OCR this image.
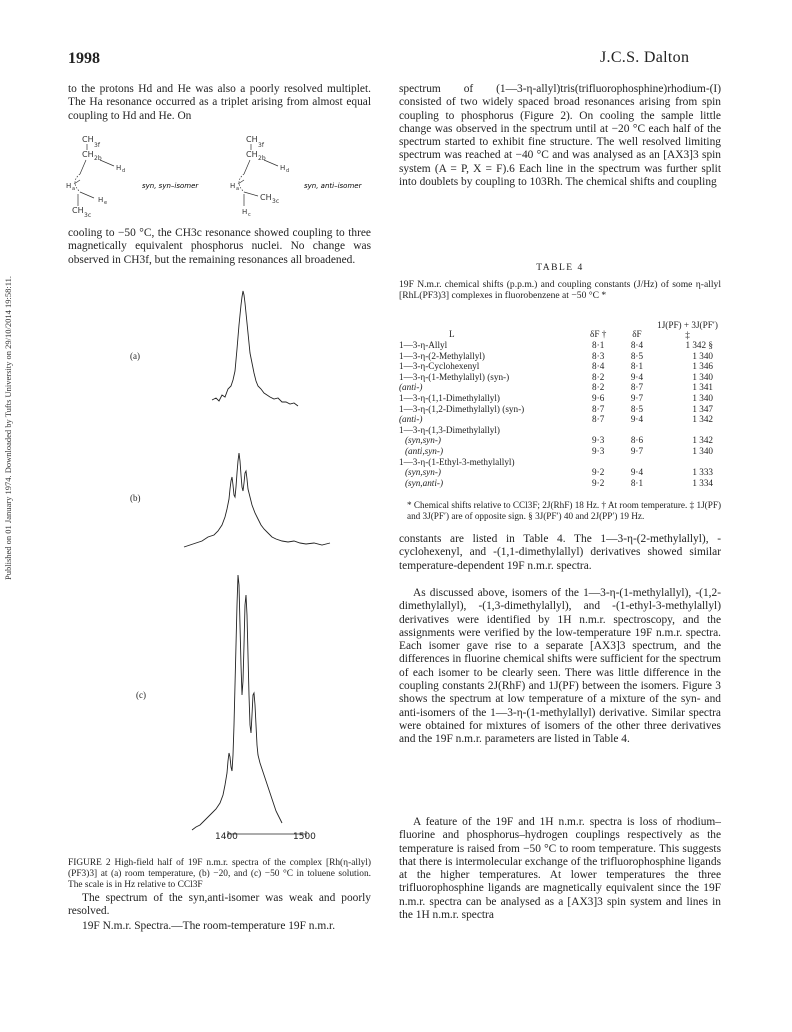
1998	J.C.S. Dalton
Published on 01 January 1974. Downloaded by Tufts University on 29/10/2014 19:58:11.

to the protons Hd and He was also a poorly resolved multiplet. The Ha resonance occurred as a triplet arising from almost equal coupling to Hd and He. On

CH
3f
CH 2b
H d
H a
H e
CH
3c
syn, syn–isomer
CH
3f
CH 2b
H d
H a
CH 3c
H c
syn, anti–isomer

cooling to −50 °C, the CH3c resonance showed coupling to three magnetically equivalent phosphorus nuclei. No change was observed in CH3f, but the remaining resonances all broadened.

(a)
(b)
(c)
1400	1500

FIGURE 2 High-field half of 19F n.m.r. spectra of the complex [Rh(η-allyl)(PF3)3] at (a) room temperature, (b) −20, and (c) −50 °C in toluene solution. The scale is in Hz relative to CCl3F

The spectrum of the syn,anti-isomer was weak and poorly resolved.

19F N.m.r. Spectra.—The room-temperature 19F n.m.r.

spectrum of (1—3-η-allyl)tris(trifluorophosphine)rhodium-(I) consisted of two widely spaced broad resonances arising from spin coupling to phosphorus (Figure 2). On cooling the sample little change was observed in the spectrum until at −20 °C each half of the spectrum started to exhibit fine structure. The well resolved limiting spectrum was reached at −40 °C and was analysed as an [AX3]3 spin system (A = P, X = F).6 Each line in the spectrum was further split into doublets by coupling to 103Rh. The chemical shifts and coupling

TABLE 4
19F N.m.r. chemical shifts (p.p.m.) and coupling constants (J/Hz) of some η-allyl [RhL(PF3)3] complexes in fluorobenzene at −50 °C *
L	δF †	δF	1J(PF) + 3J(PF′) ‡
1—3-η-Allyl	8·1	8·4	1 342 §
1—3-η-(2-Methylallyl)	8·3	8·5	1 340
1—3-η-Cyclohexenyl	8·4	8·1	1 346
1—3-η-(1-Methylallyl) (syn-)	8·2	9·4	1 340
(anti-)	8·2	8·7	1 341
1—3-η-(1,1-Dimethylallyl)	9·6	9·7	1 340
1—3-η-(1,2-Dimethylallyl) (syn-)	8·7	8·5	1 347
(anti-)	8·7	9·4	1 342
1—3-η-(1,3-Dimethylallyl)			
(syn,syn-)	9·3	8·6	1 342
(anti,syn-)	9·3	9·7	1 340
1—3-η-(1-Ethyl-3-methylallyl)			
(syn,syn-)	9·2	9·4	1 333
(syn,anti-)	9·2	8·1	1 334

* Chemical shifts relative to CCl3F; 2J(RhF) 18 Hz. † At room temperature. ‡ 1J(PF) and 3J(PF′) are of opposite sign. § 3J(PF′) 40 and 2J(PP′) 19 Hz.

constants are listed in Table 4. The 1—3-η-(2-methylallyl), -cyclohexenyl, and -(1,1-dimethylallyl) derivatives showed similar temperature-dependent 19F n.m.r. spectra.

As discussed above, isomers of the 1—3-η-(1-methylallyl), -(1,2-dimethylallyl), -(1,3-dimethylallyl), and -(1-ethyl-3-methylallyl) derivatives were identified by 1H n.m.r. spectroscopy, and the assignments were verified by the low-temperature 19F n.m.r. spectra. Each isomer gave rise to a separate [AX3]3 spectrum, and the differences in fluorine chemical shifts were sufficient for the spectrum of each isomer to be clearly seen. There was little difference in the coupling constants 2J(RhF) and 1J(PF) between the isomers. Figure 3 shows the spectrum at low temperature of a mixture of the syn- and anti-isomers of the 1—3-η-(1-methylallyl) derivative. Similar spectra were obtained for mixtures of isomers of the other three derivatives and the 19F n.m.r. parameters are listed in Table 4.

A feature of the 19F and 1H n.m.r. spectra is loss of rhodium–fluorine and phosphorus–hydrogen couplings respectively as the temperature is raised from −50 °C to room temperature. This suggests that there is intermolecular exchange of the trifluorophosphine ligands at the higher temperatures. At lower temperatures the three trifluorophosphine ligands are magnetically equivalent since the 19F n.m.r. spectra can be analysed as a [AX3]3 spin system and lines in the 1H n.m.r. spectra
